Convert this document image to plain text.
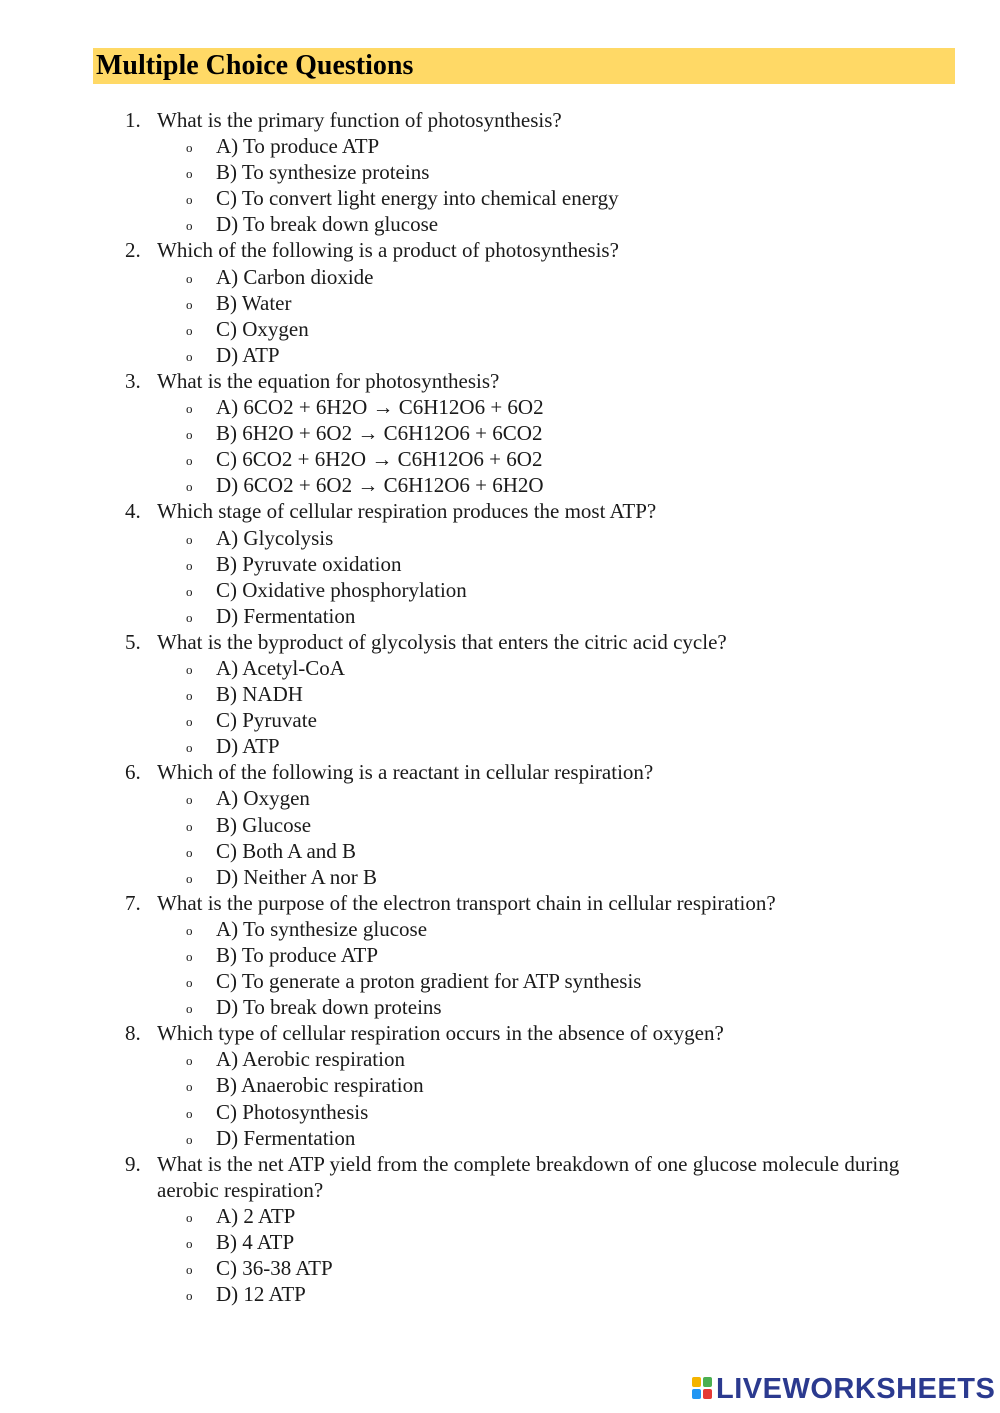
Multiple Choice Questions
1. What is the primary function of photosynthesis?
o A) To produce ATP
o B) To synthesize proteins
o C) To convert light energy into chemical energy
o D) To break down glucose
2. Which of the following is a product of photosynthesis?
o A) Carbon dioxide
o B) Water
o C) Oxygen
o D) ATP
3. What is the equation for photosynthesis?
o A) 6CO2 + 6H2O → C6H12O6 + 6O2
o B) 6H2O + 6O2 → C6H12O6 + 6CO2
o C) 6CO2 + 6H2O → C6H12O6 + 6O2
o D) 6CO2 + 6O2 → C6H12O6 + 6H2O
4. Which stage of cellular respiration produces the most ATP?
o A) Glycolysis
o B) Pyruvate oxidation
o C) Oxidative phosphorylation
o D) Fermentation
5. What is the byproduct of glycolysis that enters the citric acid cycle?
o A) Acetyl-CoA
o B) NADH
o C) Pyruvate
o D) ATP
6. Which of the following is a reactant in cellular respiration?
o A) Oxygen
o B) Glucose
o C) Both A and B
o D) Neither A nor B
7. What is the purpose of the electron transport chain in cellular respiration?
o A) To synthesize glucose
o B) To produce ATP
o C) To generate a proton gradient for ATP synthesis
o D) To break down proteins
8. Which type of cellular respiration occurs in the absence of oxygen?
o A) Aerobic respiration
o B) Anaerobic respiration
o C) Photosynthesis
o D) Fermentation
9. What is the net ATP yield from the complete breakdown of one glucose molecule during aerobic respiration?
o A) 2 ATP
o B) 4 ATP
o C) 36-38 ATP
o D) 12 ATP
LIVEWORKSHEETS
